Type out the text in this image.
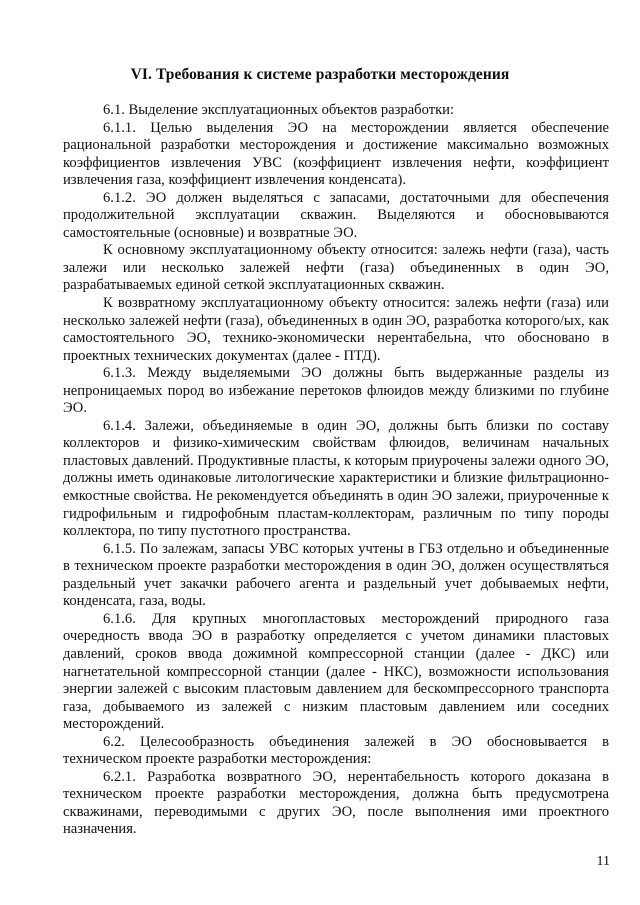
VI. Требования к системе разработки месторождения

6.1. Выделение эксплуатационных объектов разработки:

6.1.1. Целью выделения ЭО на месторождении является обеспечение рациональной разработки месторождения и достижение максимально возможных коэффициентов извлечения УВС (коэффициент извлечения нефти, коэффициент извлечения газа, коэффициент извлечения конденсата).

6.1.2. ЭО должен выделяться с запасами, достаточными для обеспечения продолжительной эксплуатации скважин. Выделяются и обосновываются самостоятельные (основные) и возвратные ЭО.

К основному эксплуатационному объекту относится: залежь нефти (газа), часть залежи или несколько залежей нефти (газа) объединенных в один ЭО, разрабатываемых единой сеткой эксплуатационных скважин.

К возвратному эксплуатационному объекту относится: залежь нефти (газа) или несколько залежей нефти (газа), объединенных в один ЭО, разработка которого/ых, как самостоятельного ЭО, технико-экономически нерентабельна, что обосновано в проектных технических документах (далее - ПТД).

6.1.3. Между выделяемыми ЭО должны быть выдержанные разделы из непроницаемых пород во избежание перетоков флюидов между близкими по глубине ЭО.

6.1.4. Залежи, объединяемые в один ЭО, должны быть близки по составу коллекторов и физико-химическим свойствам флюидов, величинам начальных пластовых давлений. Продуктивные пласты, к которым приурочены залежи одного ЭО, должны иметь одинаковые литологические характеристики и близкие фильтрационно-емкостные свойства. Не рекомендуется объединять в один ЭО залежи, приуроченные к гидрофильным и гидрофобным пластам-коллекторам, различным по типу породы коллектора, по типу пустотного пространства.

6.1.5. По залежам, запасы УВС которых учтены в ГБЗ отдельно и объединенные в техническом проекте разработки месторождения в один ЭО, должен осуществляться раздельный учет закачки рабочего агента и раздельный учет добываемых нефти, конденсата, газа, воды.

6.1.6. Для крупных многопластовых месторождений природного газа очередность ввода ЭО в разработку определяется с учетом динамики пластовых давлений, сроков ввода дожимной компрессорной станции (далее - ДКС) или нагнетательной компрессорной станции (далее - НКС), возможности использования энергии залежей с высоким пластовым давлением для бескомпрессорного транспорта газа, добываемого из залежей с низким пластовым давлением или соседних месторождений.

6.2. Целесообразность объединения залежей в ЭО обосновывается в техническом проекте разработки месторождения:

6.2.1. Разработка возвратного ЭО, нерентабельность которого доказана в техническом проекте разработки месторождения, должна быть предусмотрена скважинами, переводимыми с других ЭО, после выполнения ими проектного назначения.

11
